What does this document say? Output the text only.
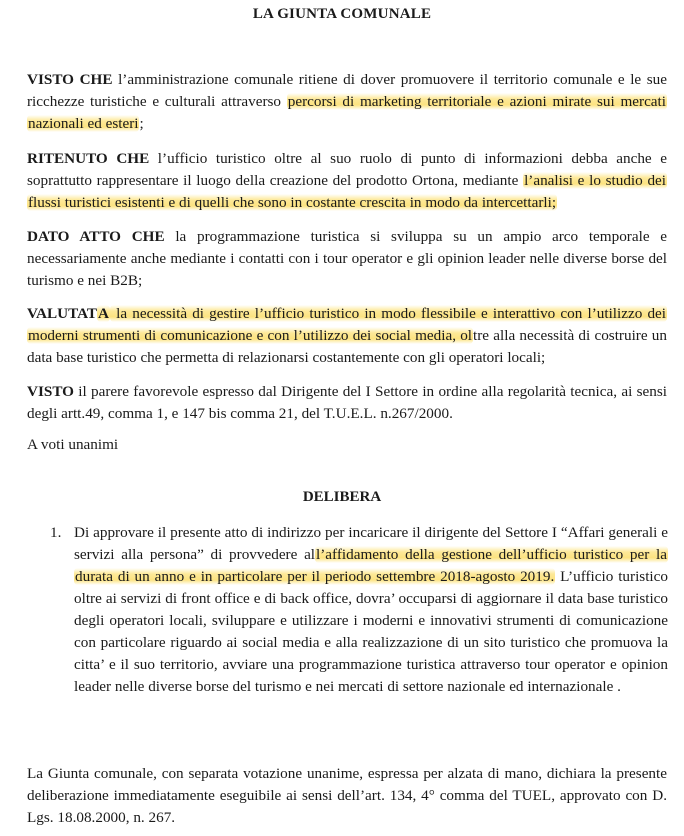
LA GIUNTA COMUNALE
VISTO CHE l’amministrazione comunale ritiene di dover promuovere il territorio comunale e le sue ricchezze turistiche e culturali attraverso percorsi di marketing territoriale e azioni mirate sui mercati nazionali ed esteri;
RITENUTO CHE l’ufficio turistico oltre al suo ruolo di punto di informazioni debba anche e soprattutto rappresentare il luogo della creazione del prodotto Ortona, mediante l’analisi e lo studio dei flussi turistici esistenti e di quelli che sono in costante crescita in modo da intercettarli;
DATO ATTO CHE la programmazione turistica si sviluppa su un ampio arco temporale e necessariamente anche mediante i contatti con i tour operator e gli opinion leader nelle diverse borse del turismo e nei B2B;
VALUTATA la necessità di gestire l’ufficio turistico in modo flessibile e interattivo con l’utilizzo dei moderni strumenti di comunicazione e con l’utilizzo dei social media, oltre alla necessità di costruire un data base turistico che permetta di relazionarsi costantemente con gli operatori locali;
VISTO il parere favorevole espresso dal Dirigente del I Settore in ordine alla regolarità tecnica, ai sensi degli artt.49, comma 1, e 147 bis comma 21, del T.U.E.L. n.267/2000.
A voti unanimi
DELIBERA
1. Di approvare il presente atto di indirizzo per incaricare il dirigente del Settore I “Affari generali e servizi alla persona” di provvedere all’affidamento della gestione dell’ufficio turistico per la durata di un anno e in particolare per il periodo settembre 2018-agosto 2019. L’ufficio turistico oltre ai servizi di front office e di back office, dovra’ occuparsi di aggiornare il data base turistico degli operatori locali, sviluppare e utilizzare i moderni e innovativi strumenti di comunicazione con particolare riguardo ai social media e alla realizzazione di un sito turistico che promuova la citta’ e il suo territorio, avviare una programmazione turistica attraverso tour operator e opinion leader nelle diverse borse del turismo e nei mercati di settore nazionale ed internazionale .
La Giunta comunale, con separata votazione unanime, espressa per alzata di mano, dichiara la presente deliberazione immediatamente eseguibile ai sensi dell’art. 134, 4° comma del TUEL, approvato con D. Lgs. 18.08.2000, n. 267.
